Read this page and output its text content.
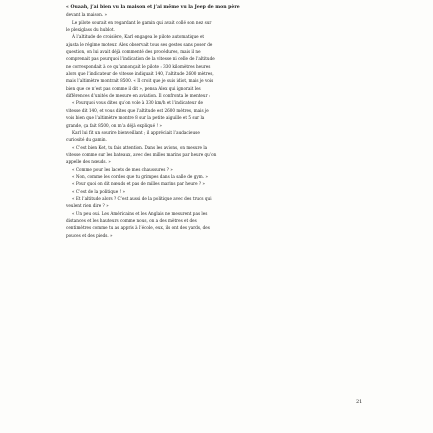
« Ouaah, j’ai bien vu la maison et j’ai même vu la Jeep de mon père
devant la maison. »
Le pilote sourait en regardant le gamin qui avait collé son nez sur
le plexiglass du hublot.
À l’altitude de croisière, Karl engagea le pilote automatique et
ajusta le régime moteur. Alex observait tous ses gestes sans poser de
question, on lui avait déjà commenté des procédures, mais il ne
comprenait pas pourquoi l’indication de la vitesse ni celle de l’altitude
ne correspondait à ce qu’annonçait le pilote : 330 kilomètres heures
alors que l’indicateur de vitesse indiquait 140, l’altitude 2600 mètres,
mais l’altimètre montrait 8500. « Il croit que je suis idiot, mais je vois
bien que ce n’est pas comme il dit », pensa Alex qui ignorait les
différences d’unités de mesure en aviation. Il confronta le menteur :
« Pourquoi vous dites qu’on vole à 330 km/h et l’indicateur de
vitesse dit 140, et vous dites que l’altitude est 2600 mètres, mais je
vois bien que l’altimètre montre 8 sur la petite aiguille et 5 sur la
grande, ça fait 8500, on m’a déjà expliqué ! »
Karl lui fit un sourire bienveillant ; il appréciait l’audacieuse
curiosité du gamin.
« C’est bien Ket, tu fais attention. Dans les avions, on mesure la
vitesse comme sur les bateaux, avec des milles marins par heure qu’on
appelle des nœuds. »
« Comme pour les lacets de mes chaussures ? »
« Non, comme les cordes que tu grimpes dans la salle de gym. »
« Pour quoi on dit nœuds et pas de milles marins par heure ? »
« C’est de la politique ! »
« Et l’altitude alors ? C’est aussi de la politique avec des trucs qui
veulent rien dire ? »
« Un peu oui. Les Américains et les Anglais ne mesurent pas les
distances et les hauteurs comme nous, on a des mètres et des
centimètres comme tu as appris à l’école, eux, ils ont des yards, des
pouces et des pieds. »
21
